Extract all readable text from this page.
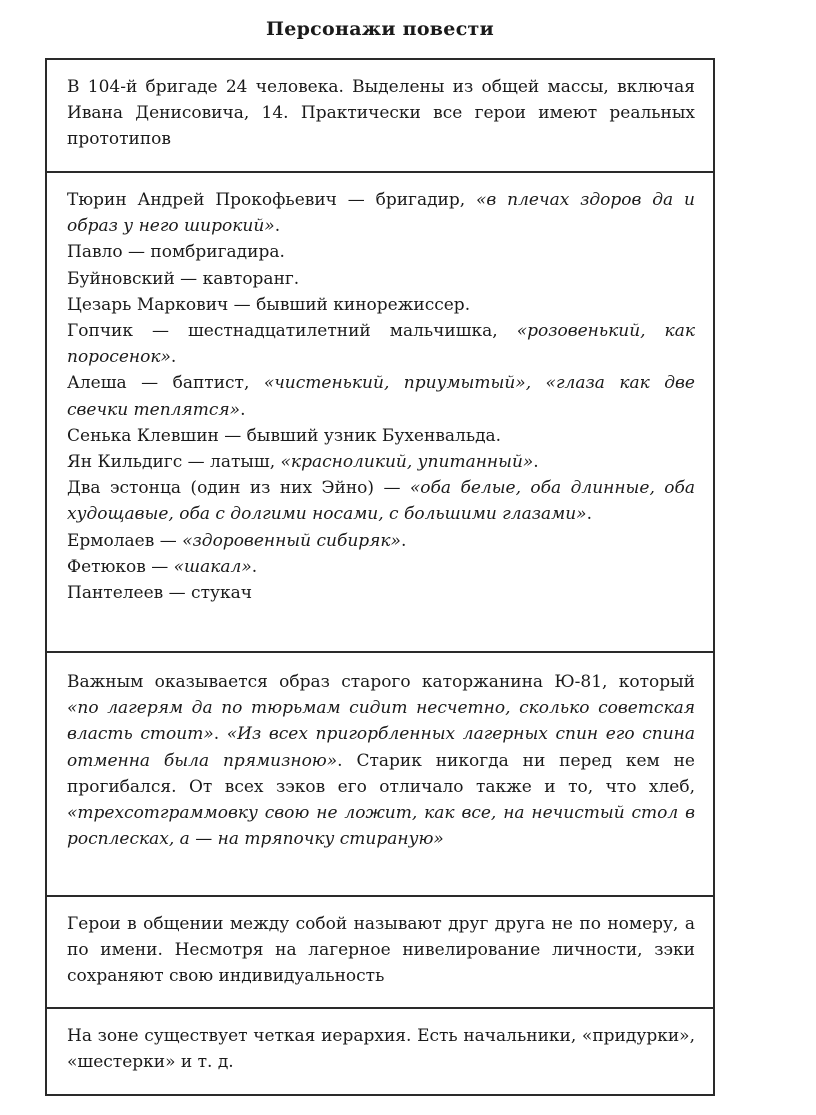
Персонажи повести

В 104-й бригаде 24 человека. Выделены из общей массы, включая Ивана Денисовича, 14. Практически все герои имеют реальных прототипов

Тюрин Андрей Прокофьевич — бригадир, «в плечах здоров да и образ у него широкий».

Павло — помбригадира.

Буйновский — кавторанг.

Цезарь Маркович — бывший кинорежиссер.

Гопчик — шестнадцатилетний мальчишка, «розовенький, как поросенок».

Алеша — баптист, «чистенький, приумытый», «глаза как две свечки теплятся».

Сенька Клевшин — бывший узник Бухенвальда.

Ян Кильдигс — латыш, «красноликий, упитанный».

Два эстонца (один из них Эйно) — «оба белые, оба длинные, оба худощавые, оба с долгими носами, с большими глазами».

Ермолаев — «здоровенный сибиряк».

Фетюков — «шакал».

Пантелеев — стукач

Важным оказывается образ старого каторжанина Ю-81, который «по лагерям да по тюрьмам сидит несчетно, сколько советская власть стоит». «Из всех пригорбленных лагерных спин его спина отменна была прямизною». Старик никогда ни перед кем не прогибался. От всех зэков его отличало также и то, что хлеб, «трехсотграммовку свою не ложит, как все, на нечистый стол в росплесках, а — на тряпочку стираную»

Герои в общении между собой называют друг друга не по номеру, а по имени. Несмотря на лагерное нивелирование личности, зэки сохраняют свою индивидуальность

На зоне существует четкая иерархия. Есть начальники, «придурки», «шестерки» и т. д.
